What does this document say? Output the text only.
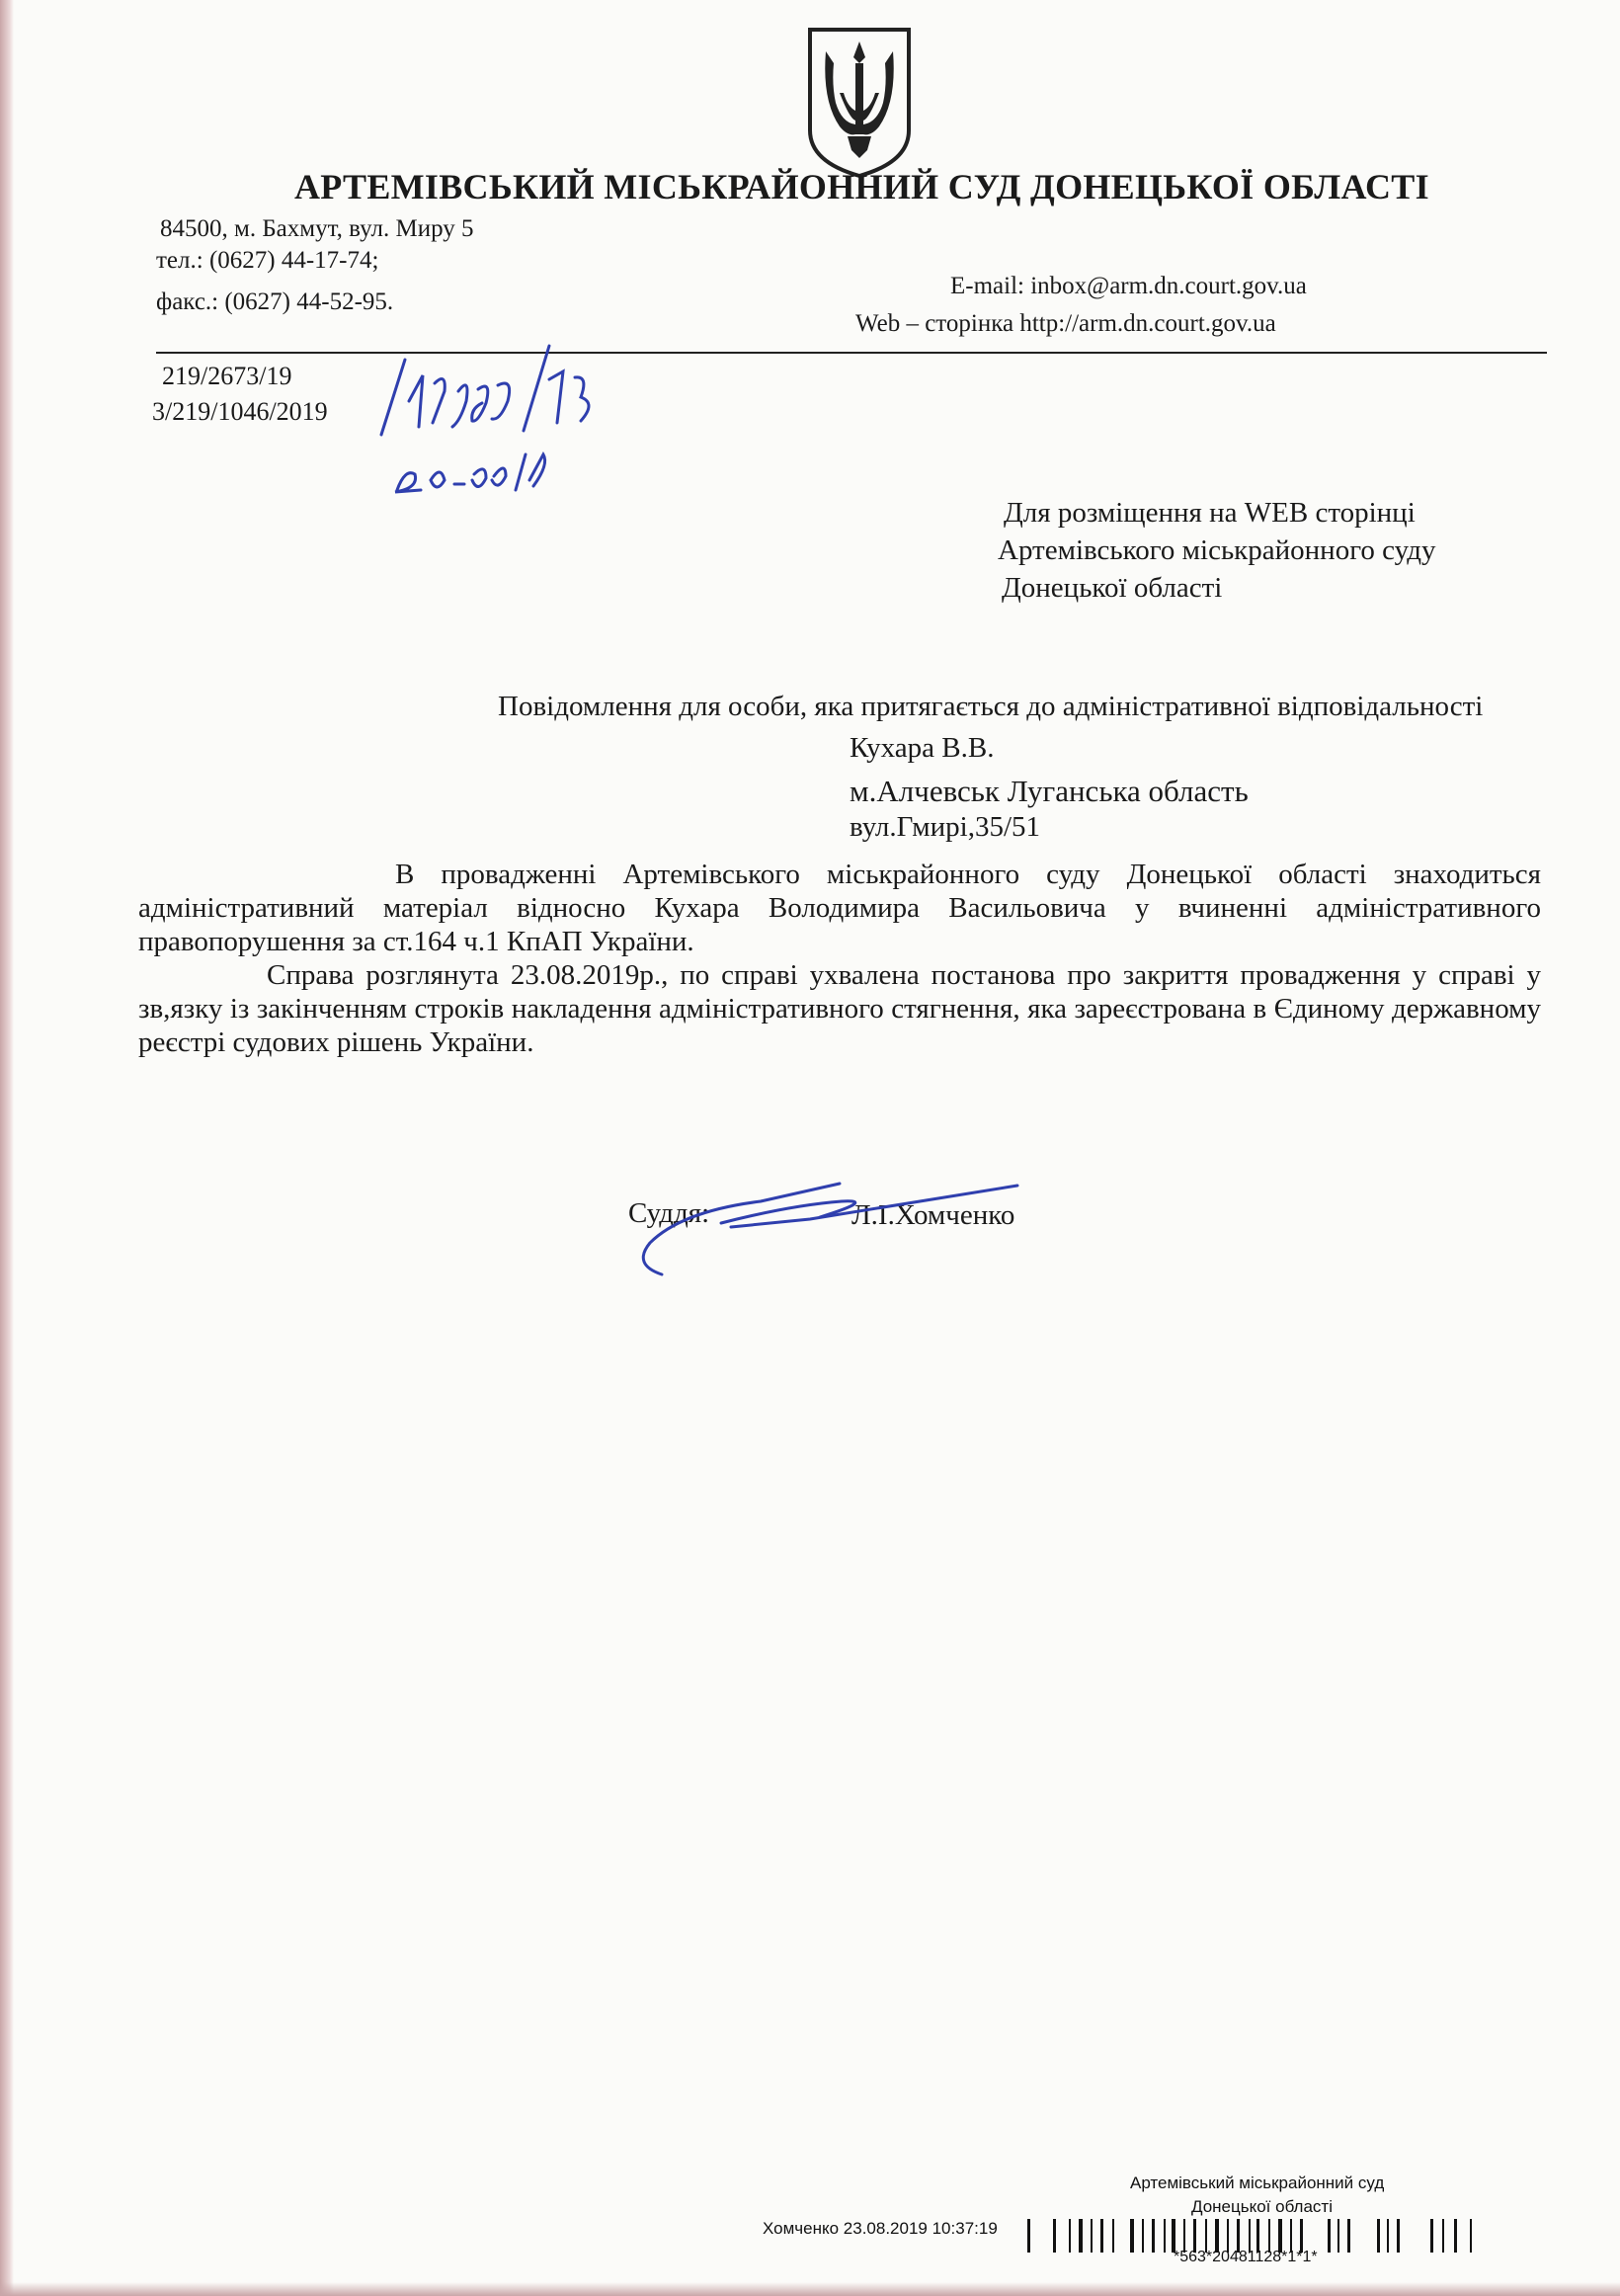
АРТЕМІВСЬКИЙ МІСЬКРАЙОННИЙ СУД ДОНЕЦЬКОЇ ОБЛАСТІ
84500, м. Бахмут, вул. Миру 5
тел.: (0627) 44-17-74;
факс.: (0627) 44-52-95.
E-mail: inbox@arm.dn.court.gov.ua
Web – сторінка http://arm.dn.court.gov.ua
219/2673/19
3/219/1046/2019
Для розміщення на WEB сторінці
Артемівського міськрайонного суду
Донецької області
Повідомлення для особи, яка притягається до адміністративної відповідальності
Кухара В.В.
м.Алчевськ Луганська область
вул.Гмирі,35/51

В провадженні Артемівського міськрайонного суду Донецької області знаходиться адміністративний матеріал відносно Кухара Володимира Васильовича у вчиненні адміністративного правопорушення за ст.164 ч.1 КпАП України.

Справа розглянута 23.08.2019р., по справі ухвалена постанова про закриття провадження у справі у зв,язку із закінченням строків накладення адміністративного стягнення, яка зареєстрована в Єдиному державному реєстрі судових рішень України.

Суддя:	Л.І.Хомченко
Артемівський міськрайонний суд
Донецької області
Хомченко 23.08.2019 10:37:19
*563*20481128*1*1*
